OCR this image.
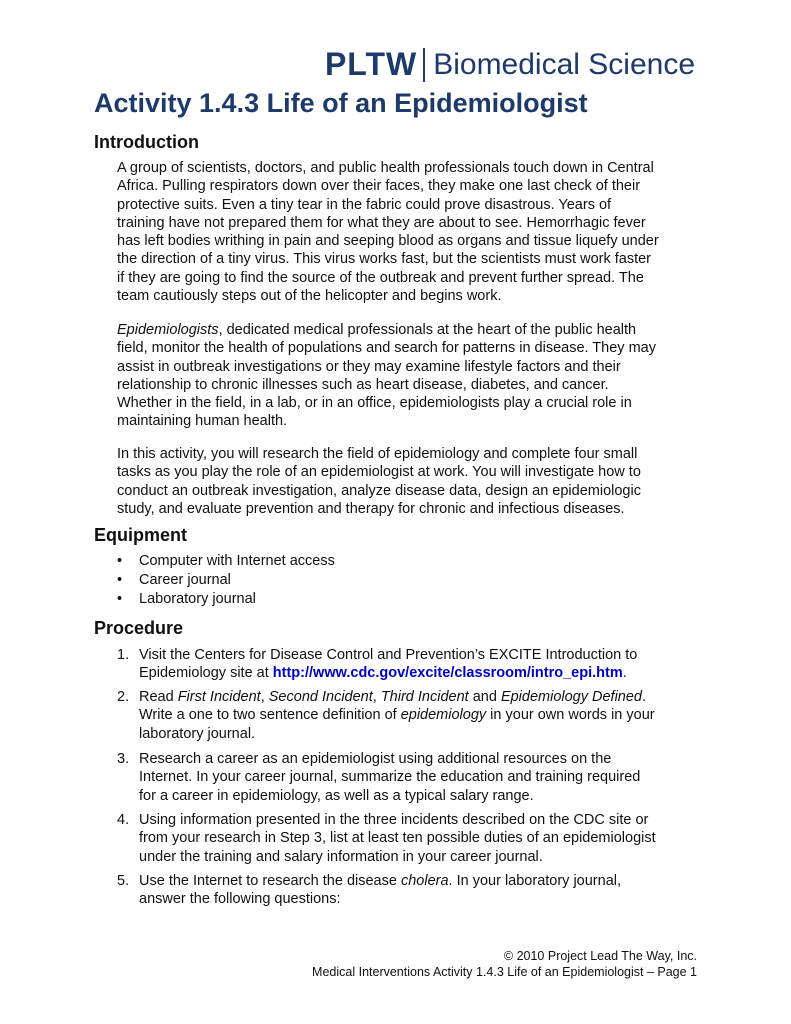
PLTW Biomedical Science
Activity 1.4.3 Life of an Epidemiologist
Introduction
A group of scientists, doctors, and public health professionals touch down in Central
Africa. Pulling respirators down over their faces, they make one last check of their
protective suits. Even a tiny tear in the fabric could prove disastrous. Years of
training have not prepared them for what they are about to see. Hemorrhagic fever
has left bodies writhing in pain and seeping blood as organs and tissue liquefy under
the direction of a tiny virus. This virus works fast, but the scientists must work faster
if they are going to find the source of the outbreak and prevent further spread. The
team cautiously steps out of the helicopter and begins work.
Epidemiologists, dedicated medical professionals at the heart of the public health
field, monitor the health of populations and search for patterns in disease. They may
assist in outbreak investigations or they may examine lifestyle factors and their
relationship to chronic illnesses such as heart disease, diabetes, and cancer.
Whether in the field, in a lab, or in an office, epidemiologists play a crucial role in
maintaining human health.
In this activity, you will research the field of epidemiology and complete four small
tasks as you play the role of an epidemiologist at work. You will investigate how to
conduct an outbreak investigation, analyze disease data, design an epidemiologic
study, and evaluate prevention and therapy for chronic and infectious diseases.
Equipment
• Computer with Internet access
• Career journal
• Laboratory journal
Procedure
1. Visit the Centers for Disease Control and Prevention’s EXCITE Introduction to
Epidemiology site at http://www.cdc.gov/excite/classroom/intro_epi.htm.
2. Read First Incident, Second Incident, Third Incident and Epidemiology Defined.
Write a one to two sentence definition of epidemiology in your own words in your
laboratory journal.
3. Research a career as an epidemiologist using additional resources on the
Internet. In your career journal, summarize the education and training required
for a career in epidemiology, as well as a typical salary range.
4. Using information presented in the three incidents described on the CDC site or
from your research in Step 3, list at least ten possible duties of an epidemiologist
under the training and salary information in your career journal.
5. Use the Internet to research the disease cholera. In your laboratory journal,
answer the following questions:
© 2010 Project Lead The Way, Inc.
Medical Interventions Activity 1.4.3 Life of an Epidemiologist – Page 1
